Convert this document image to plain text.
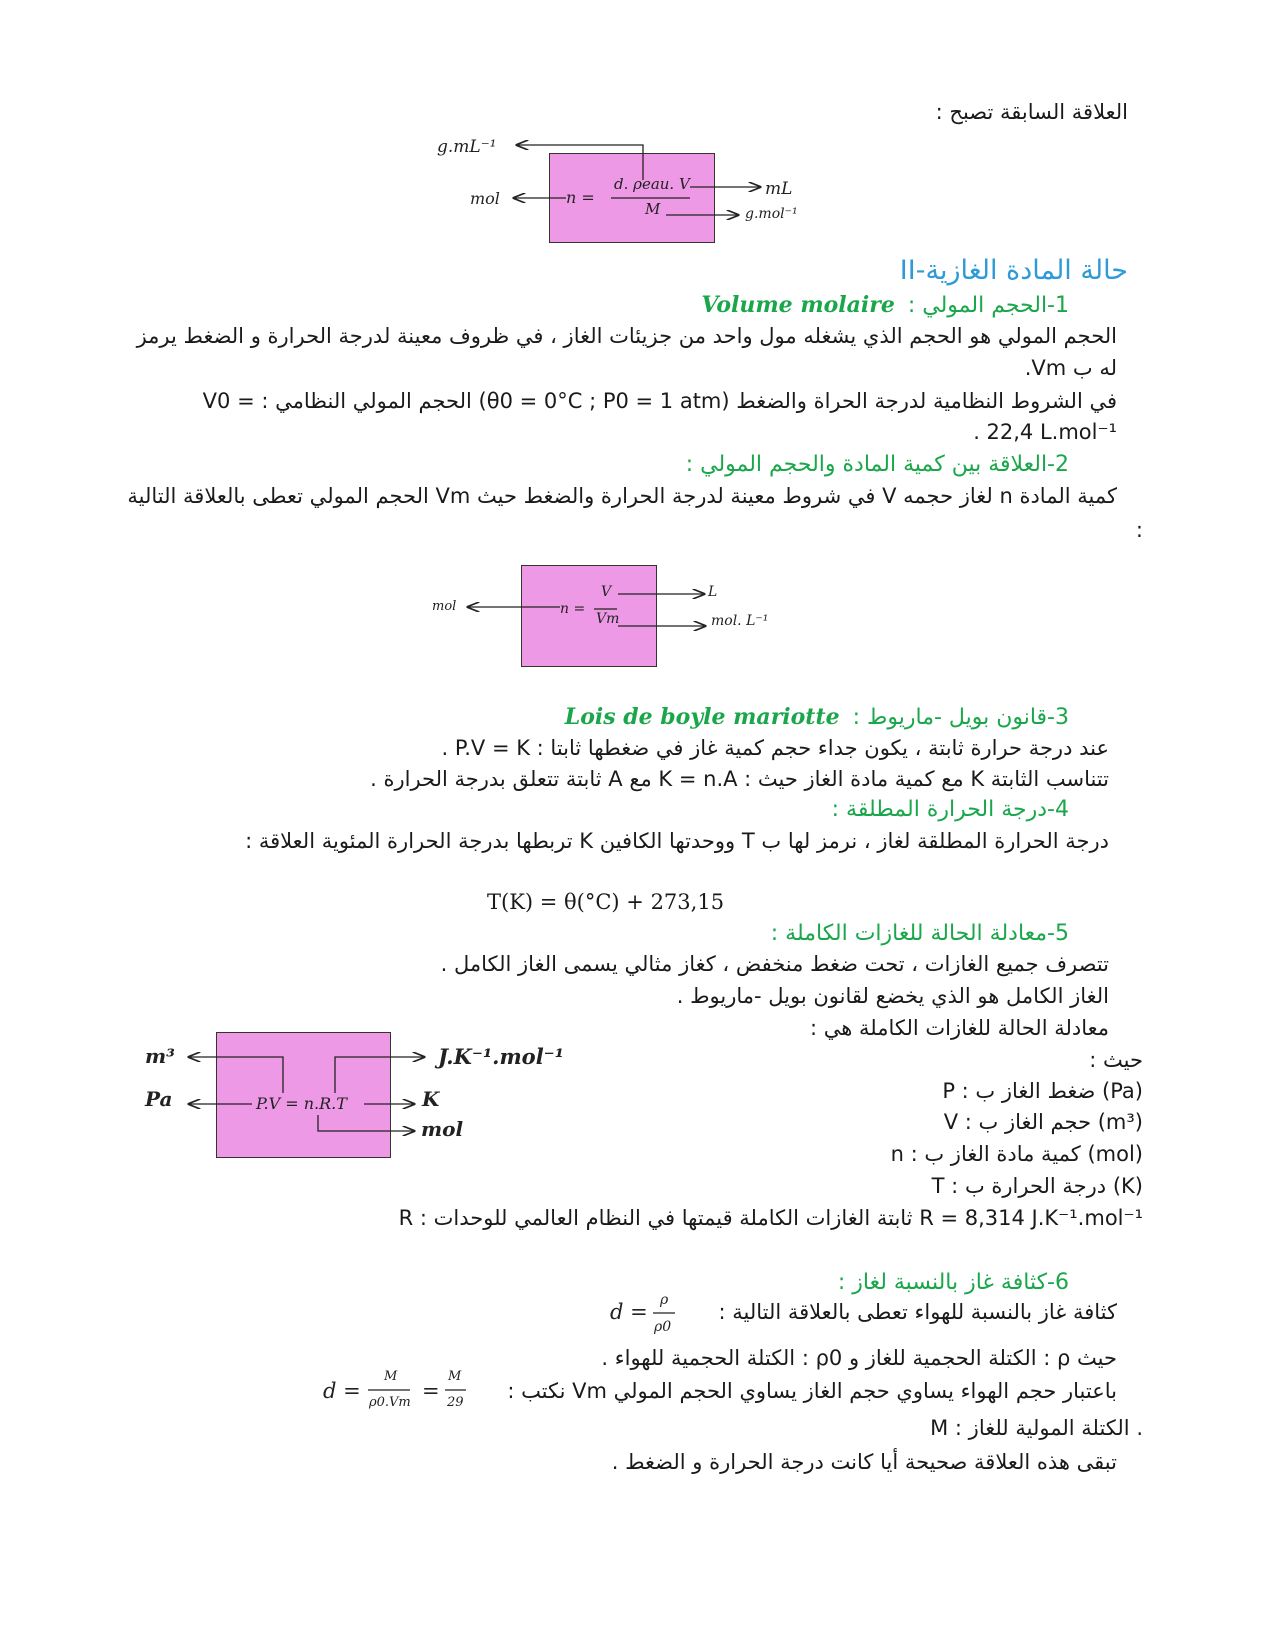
العلاقة السابقة تصبح :
n =
d. ρeau. V
M
g.mL⁻¹
mol	mL
g.mol⁻¹
II-حالة المادة الغازية
1-الحجم المولي : Volume molaire
الحجم المولي هو الحجم الذي يشغله مول واحد من جزيئات الغاز ، في ظروف معينة لدرجة الحرارة و الضغط يرمز
له ب Vm.
في الشروط النظامية لدرجة الحراة والضغط (θ0 = 0°C ; P0 = 1 atm) الحجم المولي النظامي : = V0
. 22,4 L.mol⁻¹
2-العلاقة بين كمية المادة والحجم المولي :
كمية المادة n لغاز حجمه V في شروط معينة لدرجة الحرارة والضغط حيث Vm الحجم المولي تعطى بالعلاقة التالية
:
n =
V
Vm
mol
L
mol. L⁻¹
3-قانون بويل -ماريوط : Lois de boyle mariotte
عند درجة حرارة ثابتة ، يكون جداء حجم كمية غاز في ضغطها ثابتا : P.V = K .
تتناسب الثابتة K مع كمية مادة الغاز حيث : K = n.A مع A ثابتة تتعلق بدرجة الحرارة .
4-درجة الحرارة المطلقة :
درجة الحرارة المطلقة لغاز ، نرمز لها ب T ووحدتها الكافين K تربطها بدرجة الحرارة المئوية العلاقة :
T(K) = θ(°C) + 273,15
5-معادلة الحالة للغازات الكاملة :
تتصرف جميع الغازات ، تحت ضغط منخفض ، كغاز مثالي يسمى الغاز الكامل .
الغاز الكامل هو الذي يخضع لقانون بويل -ماريوط .
معادلة الحالة للغازات الكاملة هي :
حيث :
P : ضغط الغاز ب (Pa)
V : حجم الغاز ب (m³)
n : كمية مادة الغاز ب (mol)
T : درجة الحرارة ب (K)
R : ثابتة الغازات الكاملة قيمتها في النظام العالمي للوحدات R = 8,314 J.K⁻¹.mol⁻¹
P.V = n.R.T
m³
Pa
J.K⁻¹.mol⁻¹
K
mol
6-كثافة غاز بالنسبة لغاز :
كثافة غاز بالنسبة للهواء تعطى بالعلاقة التالية :
d = ρ
ρ0
حيث ρ : الكتلة الحجمية للغاز و ρ0 : الكتلة الحجمية للهواء .
باعتبار حجم الهواء يساوي حجم الغاز يساوي الحجم المولي Vm نكتب :
d =
M
ρ0.Vm =
M
29
M : الكتلة المولية للغاز .
تبقى هذه العلاقة صحيحة أيا كانت درجة الحرارة و الضغط .
